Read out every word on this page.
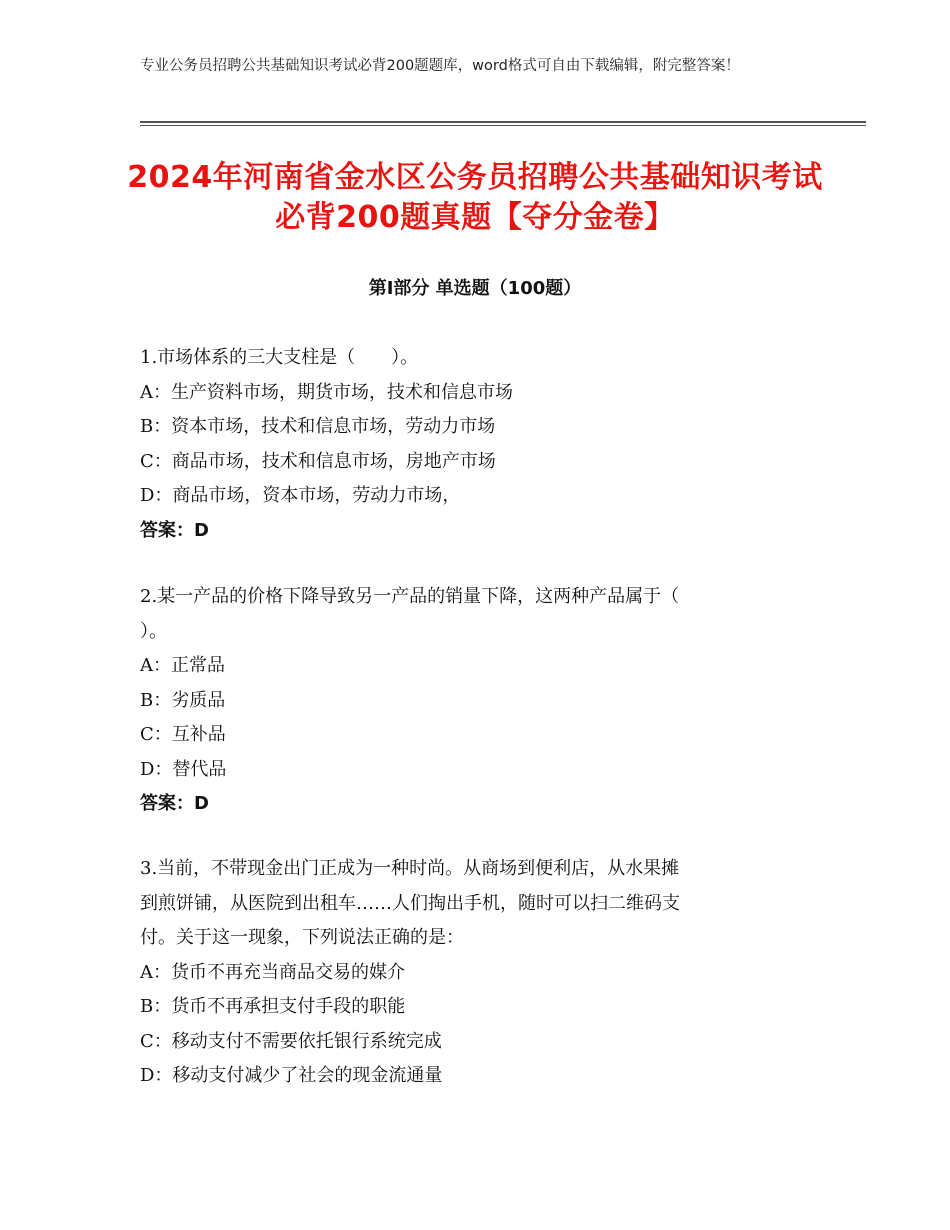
专业公务员招聘公共基础知识考试必背200题题库，word格式可自由下载编辑，附完整答案！
2024年河南省金水区公务员招聘公共基础知识考试必背200题真题【夺分金卷】
第Ⅰ部分 单选题（100题）
1.市场体系的三大支柱是（　　）。
A：生产资料市场，期货市场，技术和信息市场
B：资本市场，技术和信息市场，劳动力市场
C：商品市场，技术和信息市场，房地产市场
D：商品市场，资本市场，劳动力市场，
答案：D
2.某一产品的价格下降导致另一产品的销量下降，这两种产品属于（
）。
A：正常品
B：劣质品
C：互补品
D：替代品
答案：D
3.当前，不带现金出门正成为一种时尚。从商场到便利店，从水果摊
到煎饼铺，从医院到出租车……人们掏出手机，随时可以扫二维码支
付。关于这一现象，下列说法正确的是：
A：货币不再充当商品交易的媒介
B：货币不再承担支付手段的职能
C：移动支付不需要依托银行系统完成
D：移动支付减少了社会的现金流通量
